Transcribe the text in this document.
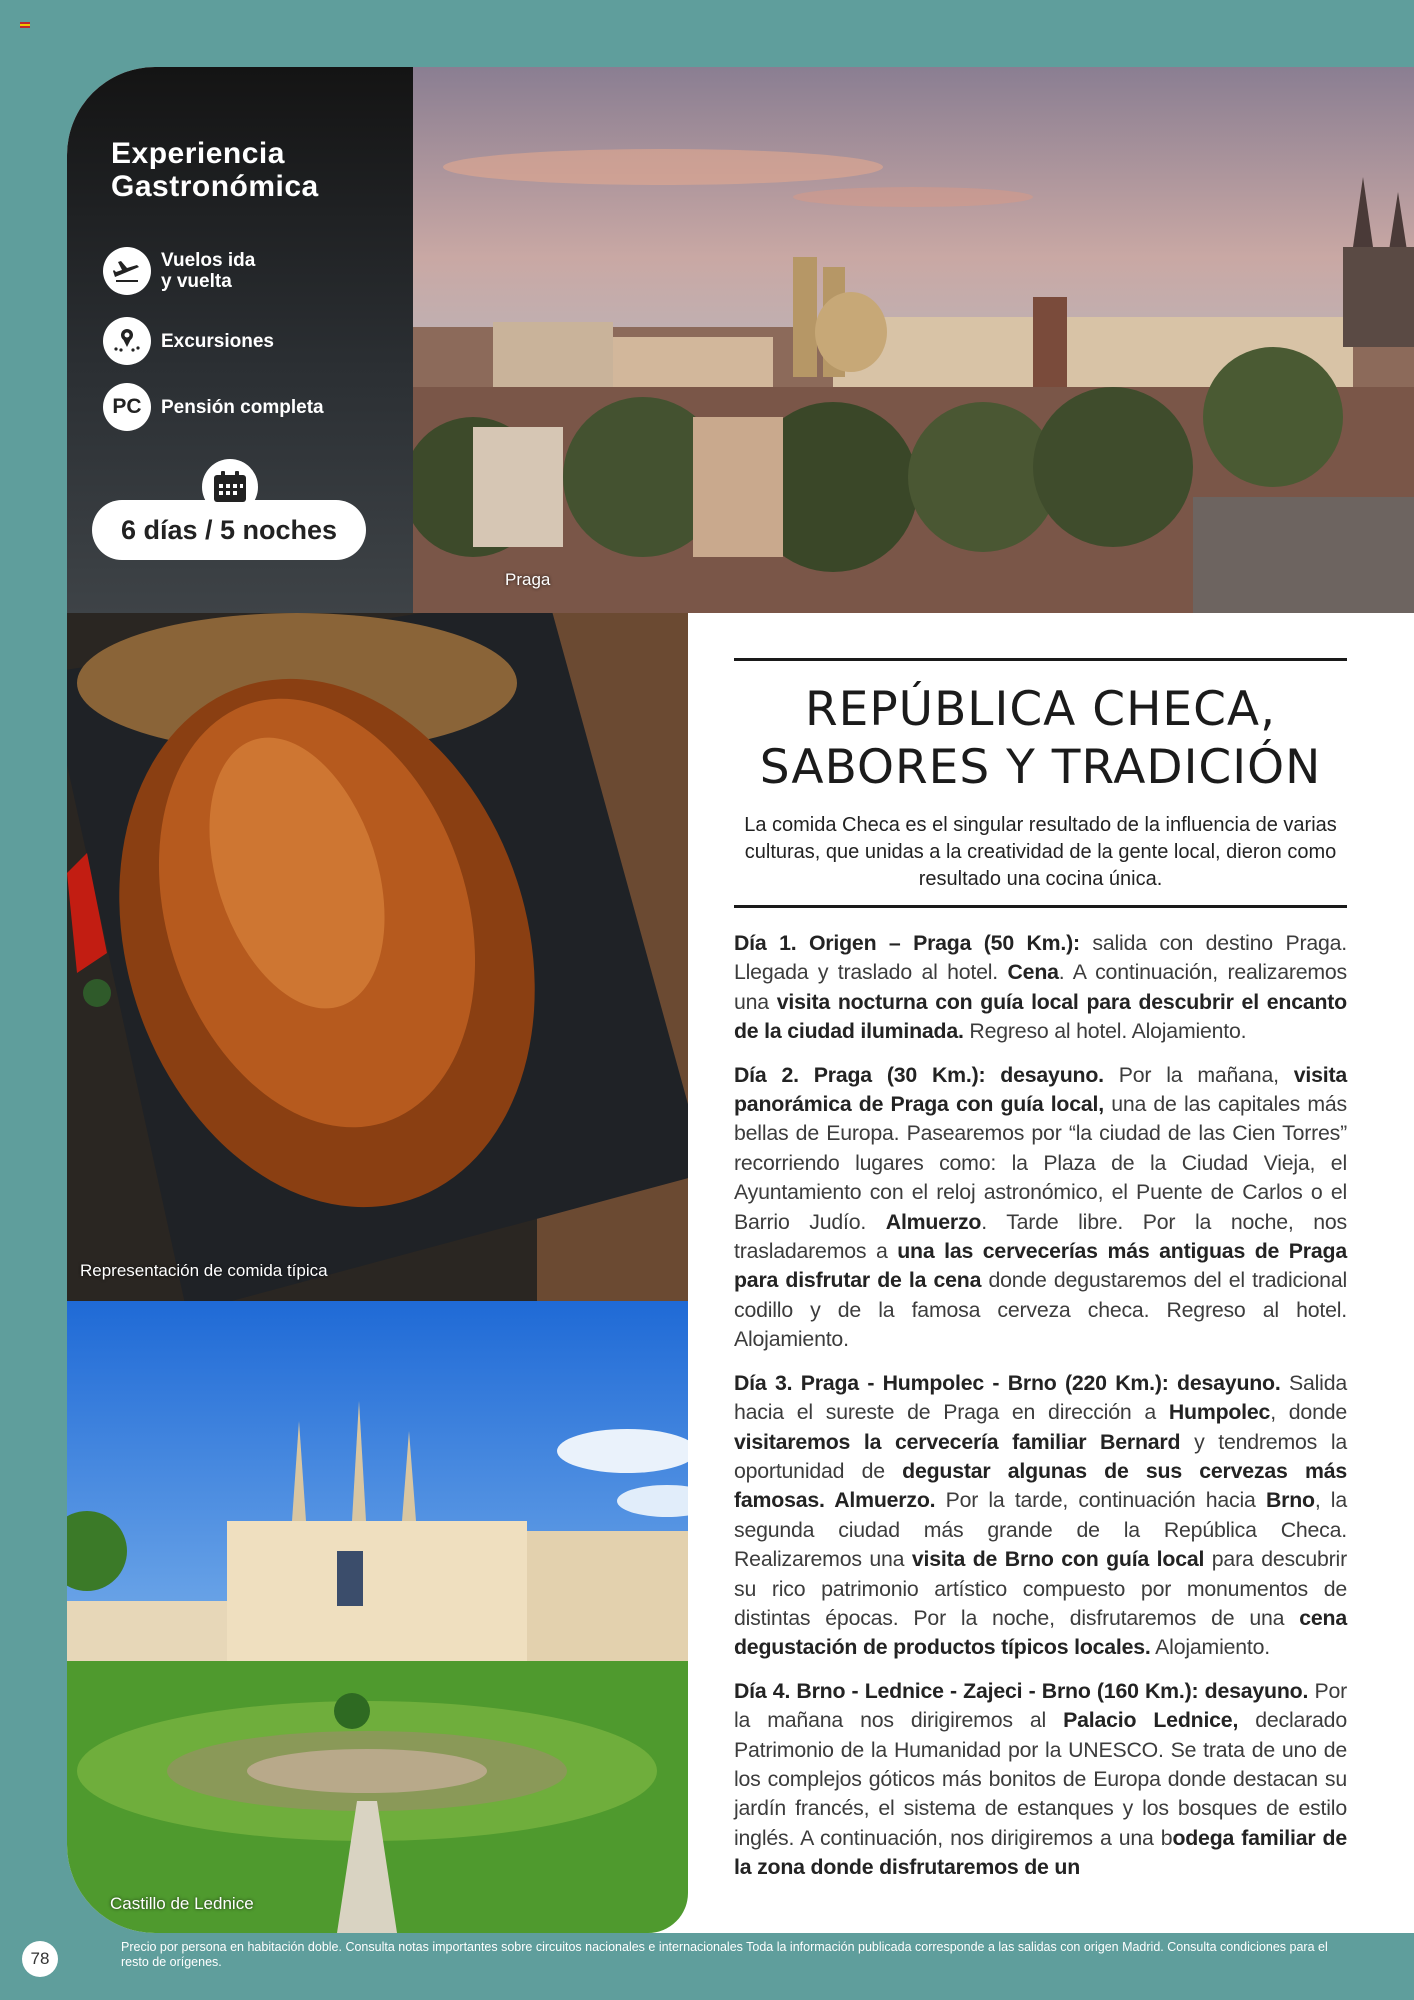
Experiencia
Gastronómica
Vuelos ida
y vuelta
Excursiones
PC	Pensión completa
6 días / 5 noches
Praga
Representación de comida típica
Castillo de Lednice
REPÚBLICA CHECA,
SABORES Y TRADICIÓN
La comida Checa es el singular resultado de la influencia de varias culturas, que unidas a la creatividad de la gente local, dieron como resultado una cocina única.

Día 1. Origen – Praga (50 Km.): salida con destino Praga. Llegada y traslado al hotel. Cena. A continuación, realizaremos una visita nocturna con guía local para descubrir el encanto de la ciudad iluminada. Regreso al hotel. Alojamiento.

Día 2. Praga (30 Km.): desayuno. Por la mañana, visita panorámica de Praga con guía local, una de las capitales más bellas de Europa. Pasearemos por “la ciudad de las Cien Torres” recorriendo lugares como: la Plaza de la Ciudad Vieja, el Ayuntamiento con el reloj astronómico, el Puente de Carlos o el Barrio Judío. Almuerzo. Tarde libre. Por la noche, nos trasladaremos a una las cervecerías más antiguas de Praga para disfrutar de la cena donde degustaremos del el tradicional codillo y de la famosa cerveza checa. Regreso al hotel. Alojamiento.

Día 3. Praga - Humpolec - Brno (220 Km.): desayuno. Salida hacia el sureste de Praga en dirección a Humpolec, donde visitaremos la cervecería familiar Bernard y tendremos la oportunidad de degustar algunas de sus cervezas más famosas. Almuerzo. Por la tarde, continuación hacia Brno, la segunda ciudad más grande de la República Checa. Realizaremos una visita de Brno con guía local para descubrir su rico patrimonio artístico compuesto por monumentos de distintas épocas. Por la noche, disfrutaremos de una cena degustación de productos típicos locales. Alojamiento.

Día 4. Brno - Lednice - Zajeci - Brno (160 Km.): desayuno. Por la mañana nos dirigiremos al Palacio Lednice, declarado Patrimonio de la Humanidad por la UNESCO. Se trata de uno de los complejos góticos más bonitos de Europa donde destacan su jardín francés, el sistema de estanques y los bosques de estilo inglés. A continuación, nos dirigiremos a una bodega familiar de la zona donde disfrutaremos de un

78
Precio por persona en habitación doble. Consulta notas importantes sobre circuitos nacionales e internacionales Toda la información publicada corresponde a las salidas con origen Madrid. Consulta condiciones para el resto de orígenes.
